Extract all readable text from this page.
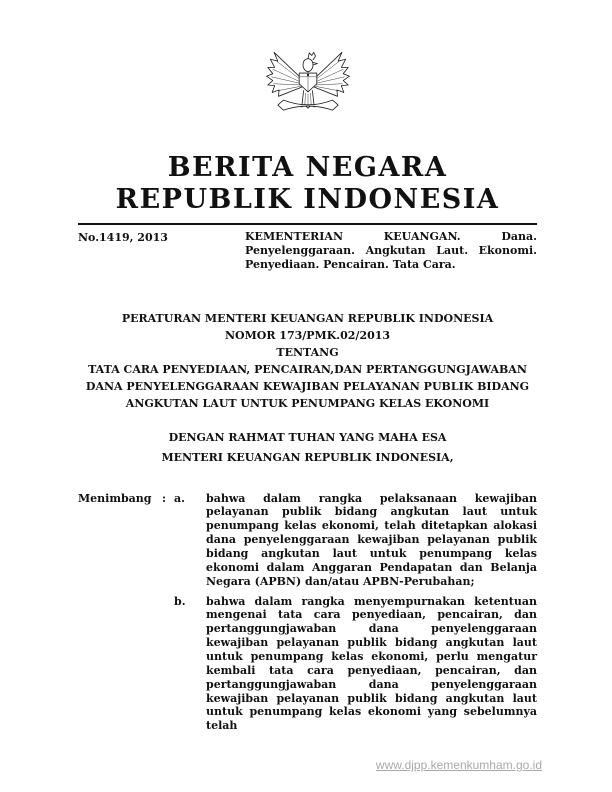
BERITA NEGARA
REPUBLIK INDONESIA
No.1419, 2013	KEMENTERIAN KEUANGAN. Dana. Penyelenggaraan. Angkutan Laut. Ekonomi. Penyediaan. Pencairan. Tata Cara.
PERATURAN MENTERI KEUANGAN REPUBLIK INDONESIA
NOMOR 173/PMK.02/2013
TENTANG
TATA CARA PENYEDIAAN, PENCAIRAN,DAN PERTANGGUNGJAWABAN DANA PENYELENGGARAAN KEWAJIBAN PELAYANAN PUBLIK BIDANG ANGKUTAN LAUT UNTUK PENUMPANG KELAS EKONOMI
DENGAN RAHMAT TUHAN YANG MAHA ESA
MENTERI KEUANGAN REPUBLIK INDONESIA,
Menimbang : a.	bahwa dalam rangka pelaksanaan kewajiban pelayanan publik bidang angkutan laut untuk penumpang kelas ekonomi, telah ditetapkan alokasi dana penyelenggaraan kewajiban pelayanan publik bidang angkutan laut untuk penumpang kelas ekonomi dalam Anggaran Pendapatan dan Belanja Negara (APBN) dan/atau APBN-Perubahan;
b.	bahwa dalam rangka menyempurnakan ketentuan mengenai tata cara penyediaan, pencairan, dan pertanggungjawaban dana penyelenggaraan kewajiban pelayanan publik bidang angkutan laut untuk penumpang kelas ekonomi, perlu mengatur kembali tata cara penyediaan, pencairan, dan pertanggungjawaban dana penyelenggaraan kewajiban pelayanan publik bidang angkutan laut untuk penumpang kelas ekonomi yang sebelumnya telah
www.djpp.kemenkumham.go.id
